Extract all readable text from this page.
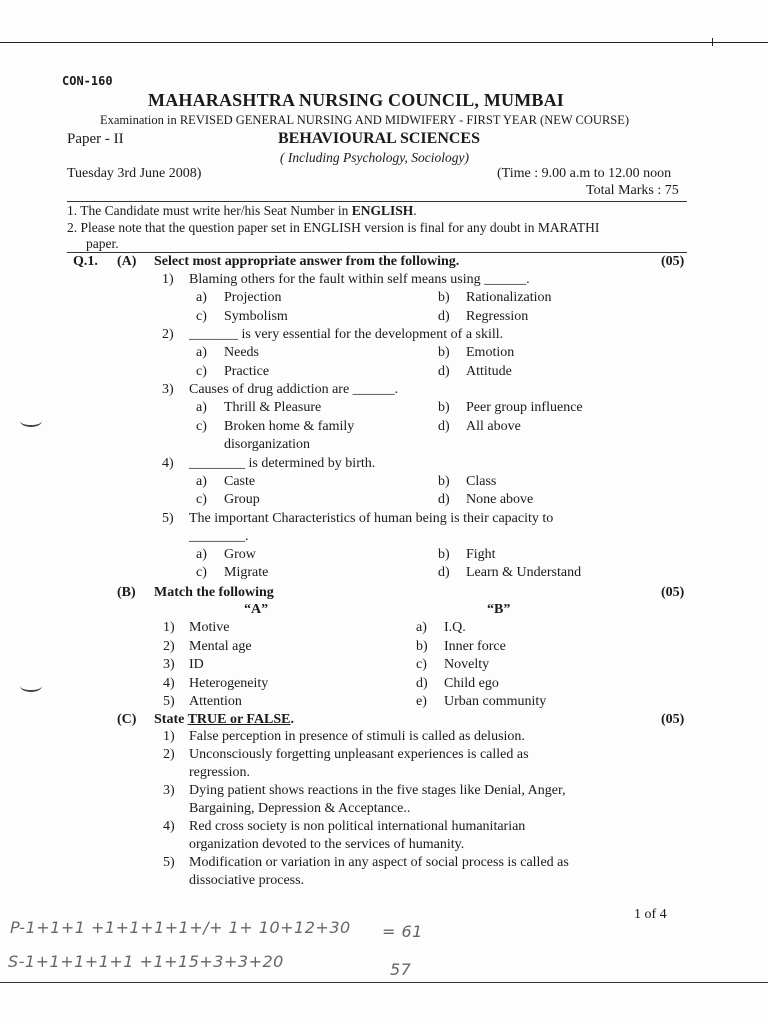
CON-160
MAHARASHTRA NURSING COUNCIL, MUMBAI
Examination in REVISED GENERAL NURSING AND MIDWIFERY - FIRST YEAR (NEW COURSE)
Paper - II	BEHAVIOURAL SCIENCES
( Including Psychology, Sociology)
Tuesday 3rd June 2008)	(Time : 9.00 a.m to 12.00 noon
Total Marks : 75
1. The Candidate must write her/his Seat Number in ENGLISH.
2. Please note that the question paper set in ENGLISH version is final for any doubt in MARATHI
paper.
Q.1. (A) Select most appropriate answer from the following.	(05)
1) Blaming others for the fault within self means using ______.
a) Projection	b) Rationalization
c) Symbolism	d) Regression
2) _______ is very essential for the development of a skill.
a) Needs	b) Emotion
c) Practice	d) Attitude
3) Causes of drug addiction are ______.
a) Thrill & Pleasure	b) Peer group influence
c) Broken home & family	d) All above
disorganization
4) ________ is determined by birth.
a) Caste	b) Class
c) Group	d) None above
5) The important Characteristics of human being is their capacity to
________.
a) Grow	b) Fight
c) Migrate	d) Learn & Understand
(B) Match the following	(05)
“A”	“B”
1) Motive	a) I.Q.
2) Mental age	b) Inner force
3) ID	c) Novelty
4) Heterogeneity	d) Child ego
5) Attention	e) Urban community
(C) State TRUE or FALSE.	(05)
1) False perception in presence of stimuli is called as delusion.
2) Unconsciously forgetting unpleasant experiences is called as
regression.
3) Dying patient shows reactions in the five stages like Denial, Anger,
Bargaining, Depression & Acceptance..
4) Red cross society is non political international humanitarian
organization devoted to the services of humanity.
5) Modification or variation in any aspect of social process is called as
dissociative process.
1 of 4
P-1+1+1 +1+1+1+1+/+ 1+ 10+12+30 = 61
S-1+1+1+1+1 +1+15+3+3+20	57
